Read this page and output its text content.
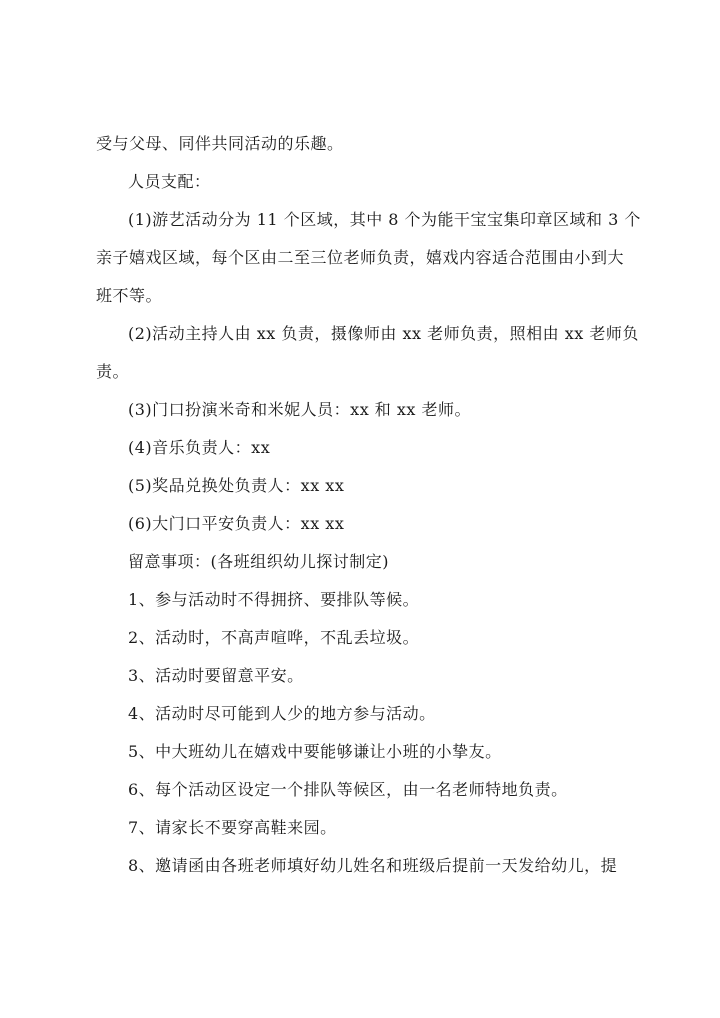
受与父母、同伴共同活动的乐趣。
人员支配：
(1)游艺活动分为 11 个区域，其中 8 个为能干宝宝集印章区域和 3 个
亲子嬉戏区域，每个区由二至三位老师负责，嬉戏内容适合范围由小到大
班不等。
(2)活动主持人由 xx 负责，摄像师由 xx 老师负责，照相由 xx 老师负
责。
(3)门口扮演米奇和米妮人员：xx 和 xx 老师。
(4)音乐负责人：xx
(5)奖品兑换处负责人：xx xx
(6)大门口平安负责人：xx xx
留意事项：(各班组织幼儿探讨制定)
1、参与活动时不得拥挤、要排队等候。
2、活动时，不高声喧哗，不乱丢垃圾。
3、活动时要留意平安。
4、活动时尽可能到人少的地方参与活动。
5、中大班幼儿在嬉戏中要能够谦让小班的小挚友。
6、每个活动区设定一个排队等候区，由一名老师特地负责。
7、请家长不要穿高鞋来园。
8、邀请函由各班老师填好幼儿姓名和班级后提前一天发给幼儿，提
